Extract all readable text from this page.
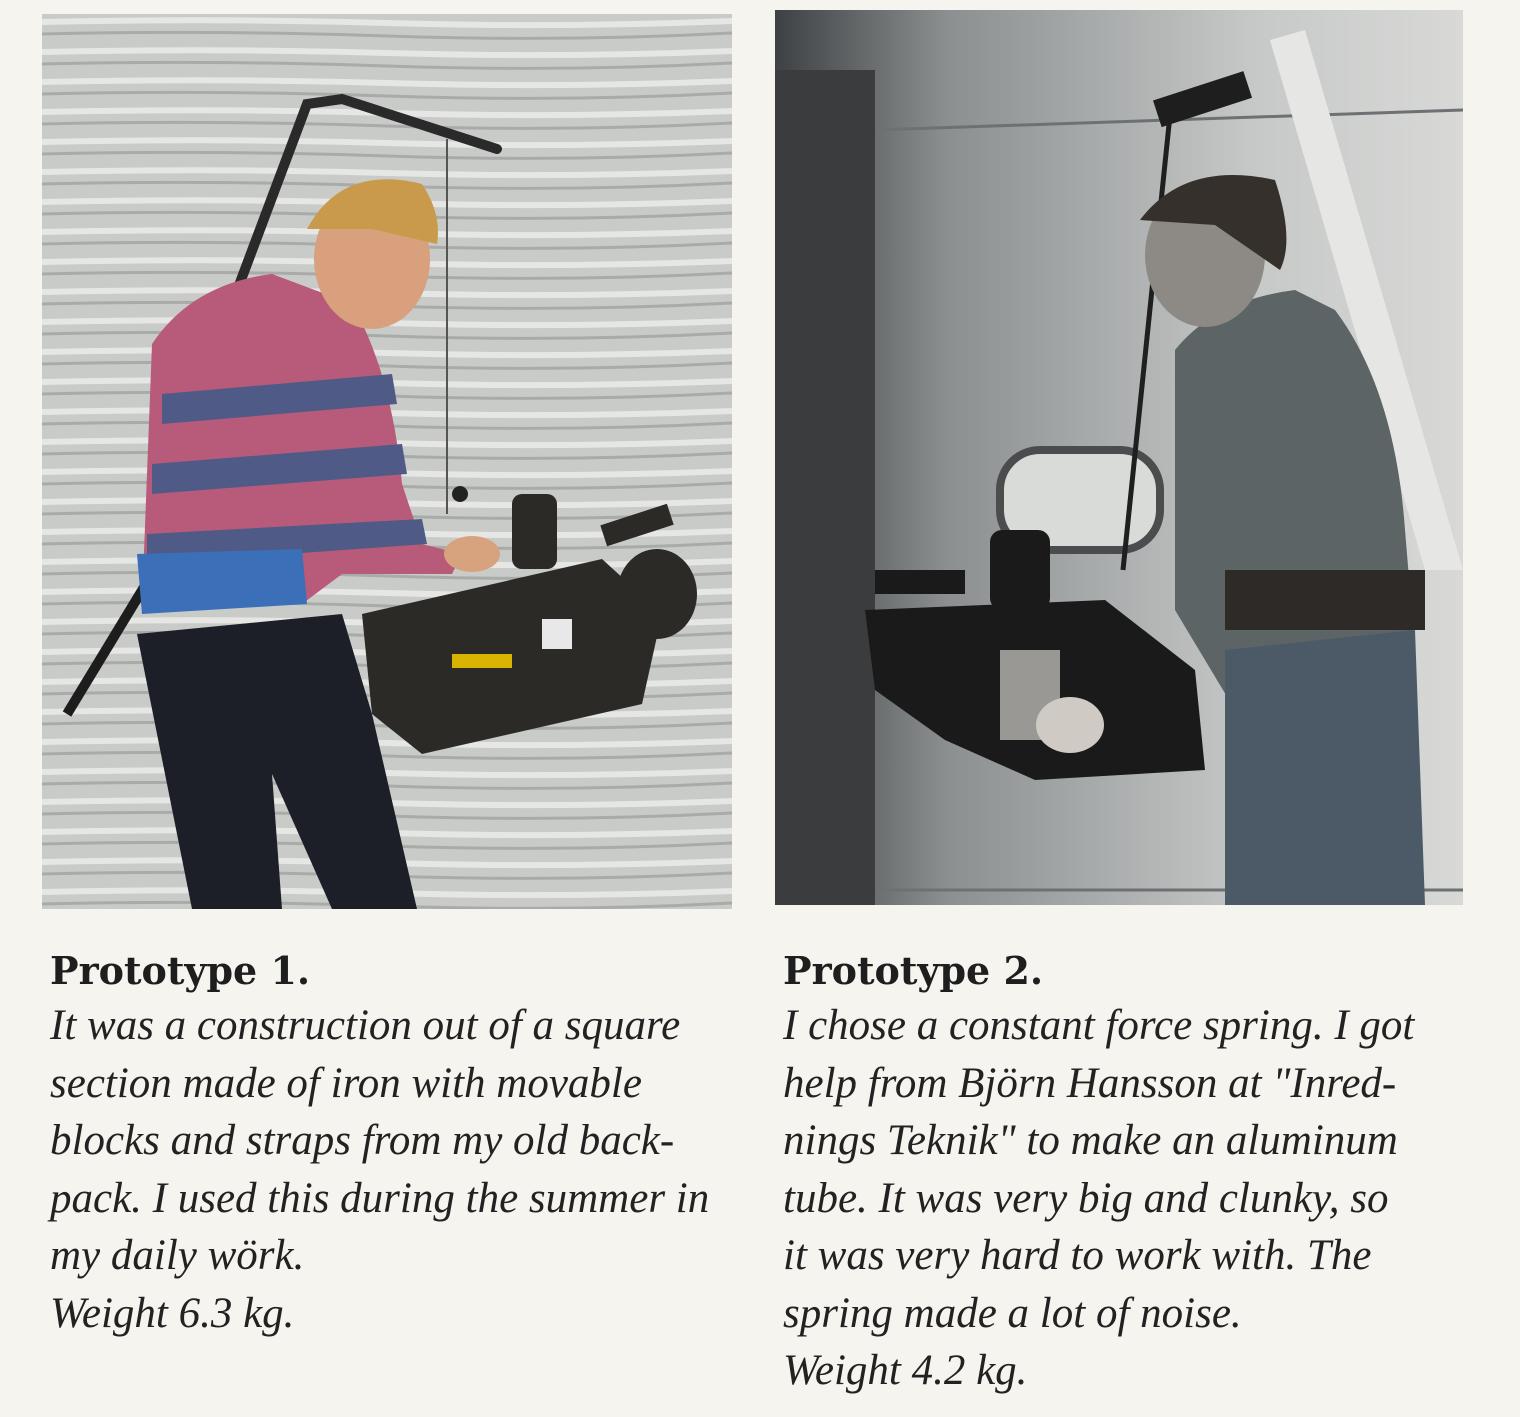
Prototype 1.

It was a construction out of a square

section made of iron with movable

blocks and straps from my old back-

pack. I used this during the summer in

my daily wörk.

Weight 6.3 kg.

Prototype 2.

I chose a constant force spring. I got

help from Björn Hansson at "Inred-

nings Teknik" to make an aluminum

tube. It was very big and clunky, so

it was very hard to work with. The

spring made a lot of noise.

Weight 4.2 kg.
